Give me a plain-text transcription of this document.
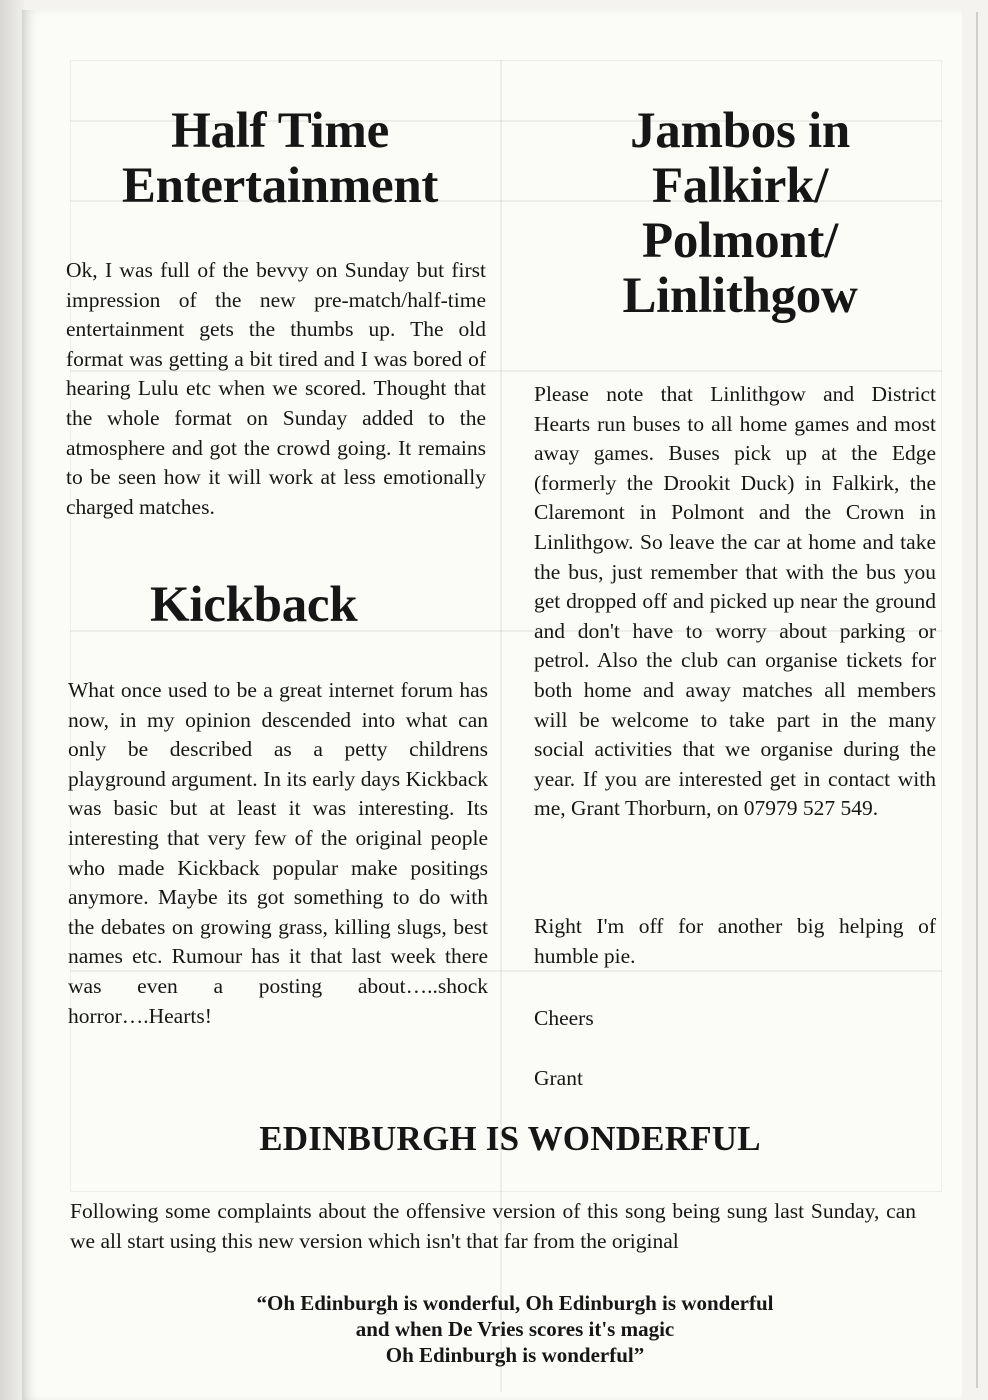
Half Time Entertainment

Ok, I was full of the bevvy on Sunday but first impression of the new pre-match/half-time entertainment gets the thumbs up. The old format was getting a bit tired and I was bored of hearing Lulu etc when we scored. Thought that the whole format on Sunday added to the atmosphere and got the crowd going. It remains to be seen how it will work at less emotionally charged matches.

Kickback

What once used to be a great internet forum has now, in my opinion descended into what can only be described as a petty childrens playground argument. In its early days Kickback was basic but at least it was interesting. Its interesting that very few of the original people who made Kickback popular make positings anymore. Maybe its got something to do with the debates on growing grass, killing slugs, best names etc. Rumour has it that last week there was even a posting about…..shock horror….Hearts!

Jambos in Falkirk/ Polmont/ Linlithgow

Please note that Linlithgow and District Hearts run buses to all home games and most away games. Buses pick up at the Edge (formerly the Drookit Duck) in Falkirk, the Claremont in Polmont and the Crown in Linlithgow. So leave the car at home and take the bus, just remember that with the bus you get dropped off and picked up near the ground and don't have to worry about parking or petrol. Also the club can organise tickets for both home and away matches all members will be welcome to take part in the many social activities that we organise during the year. If you are interested get in contact with me, Grant Thorburn, on 07979 527 549.

Right I'm off for another big helping of humble pie.

Cheers

Grant

EDINBURGH IS WONDERFUL

Following some complaints about the offensive version of this song being sung last Sunday, can we all start using this new version which isn't that far from the original

“Oh Edinburgh is wonderful, Oh Edinburgh is wonderful
and when De Vries scores it's magic
Oh Edinburgh is wonderful”
